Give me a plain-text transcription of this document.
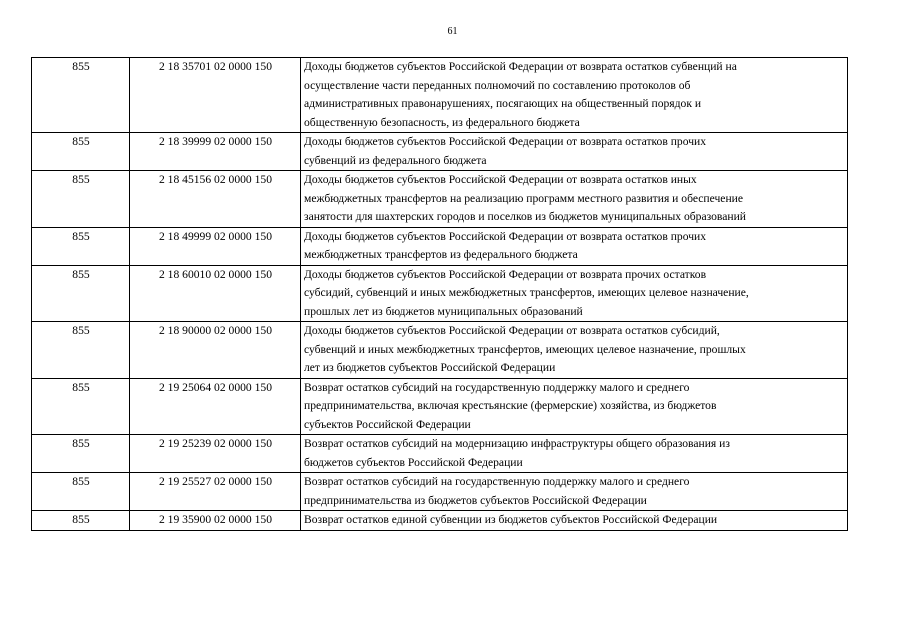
61
855	2 18 35701 02 0000 150	Доходы бюджетов субъектов Российской Федерации от возврата остатков субвенций на
осуществление части переданных полномочий по составлению протоколов об
административных правонарушениях, посягающих на общественный порядок и
общественную безопасность, из федерального бюджета

855	2 18 39999 02 0000 150	Доходы бюджетов субъектов Российской Федерации от возврата остатков прочих
субвенций из федерального бюджета

855	2 18 45156 02 0000 150	Доходы бюджетов субъектов Российской Федерации от возврата остатков иных
межбюджетных трансфертов на реализацию программ местного развития и обеспечение
занятости для шахтерских городов и поселков из бюджетов муниципальных образований

855	2 18 49999 02 0000 150	Доходы бюджетов субъектов Российской Федерации от возврата остатков прочих
межбюджетных трансфертов из федерального бюджета

855	2 18 60010 02 0000 150	Доходы бюджетов субъектов Российской Федерации от возврата прочих остатков
субсидий, субвенций и иных межбюджетных трансфертов, имеющих целевое назначение,
прошлых лет из бюджетов муниципальных образований

855	2 18 90000 02 0000 150	Доходы бюджетов субъектов Российской Федерации от возврата остатков субсидий,
субвенций и иных межбюджетных трансфертов, имеющих целевое назначение, прошлых
лет из бюджетов субъектов Российской Федерации

855	2 19 25064 02 0000 150	Возврат остатков субсидий на государственную поддержку малого и среднего
предпринимательства, включая крестьянские (фермерские) хозяйства, из бюджетов
субъектов Российской Федерации

855	2 19 25239 02 0000 150	Возврат остатков субсидий на модернизацию инфраструктуры общего образования из
бюджетов субъектов Российской Федерации

855	2 19 25527 02 0000 150	Возврат остатков субсидий на государственную поддержку малого и среднего
предпринимательства из бюджетов субъектов Российской Федерации

855	2 19 35900 02 0000 150	Возврат остатков единой субвенции из бюджетов субъектов Российской Федерации
